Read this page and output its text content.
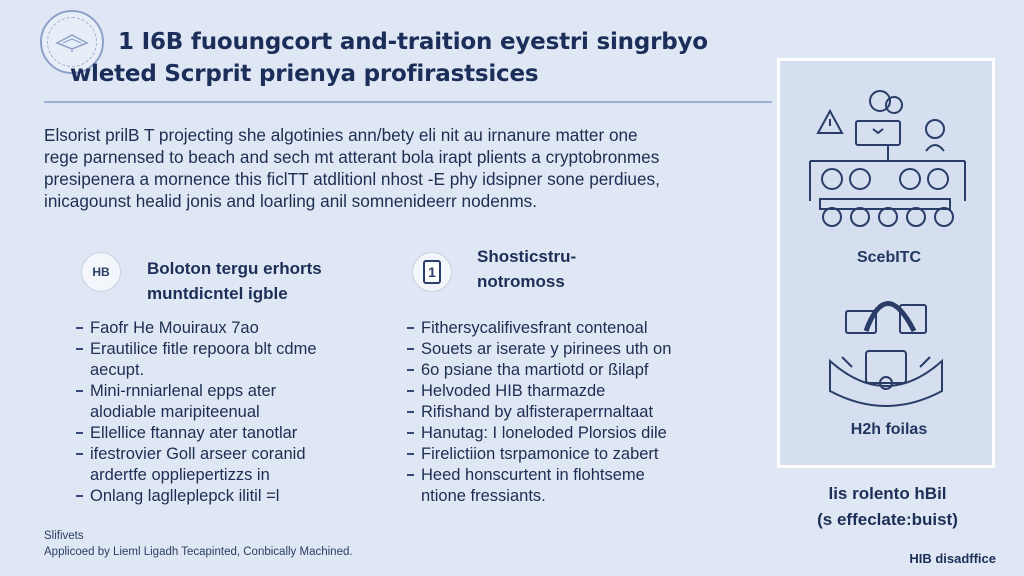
1 I6B fuoungcort and-traition eyestri singrbyo
wleted Scrprit prienya profirastsices
Elsorist prilB T projecting she algotinies ann/bety eli nit au irnanure matter one
rege parnensed to beach and sech mt atterant bola irapt plients a cryptobronmes
presipenera a mornence this ficlTT atdlitionl nhost -E phy idsipner sone perdiues,
inicagounst healid jonis and loarling anil somnenideerr nodenms.
HB Boloton tergu erhorts
muntdicntel igble
Faofr He Mouiraux 7ao
Erautilice fitle repoora blt cdme
aecupt.
Mini-rnniarlenal epps ater
alodiable maripiteenual
Ellellice ftannay ater tanotlar
ifestrovier Goll arseer coranid
ardertfe oppliepertizzs in
Onlang laglleplepck ilitil =l
1
Shosticstru-
notromoss
Fithersycalifivesfrant contenoal
Souets ar iserate y pirinees uth on
6o psiane tha martiotd or ßilapf
Helvoded HIB tharmazde
Rifishand by alfisteraperrnaltaat
Hanutag: I loneloded Plorsios dile
Firelictiion tsrpamonice to zabert
Heed honscurtent in flohtseme
ntione fressiants.
ScebITC
H2h foilas
lis rolento hBil
(s effeclate:buist)
Slifivets
Applicoed by Lieml Ligadh Tecapinted, Conbically Machined.	HIB disadffice
